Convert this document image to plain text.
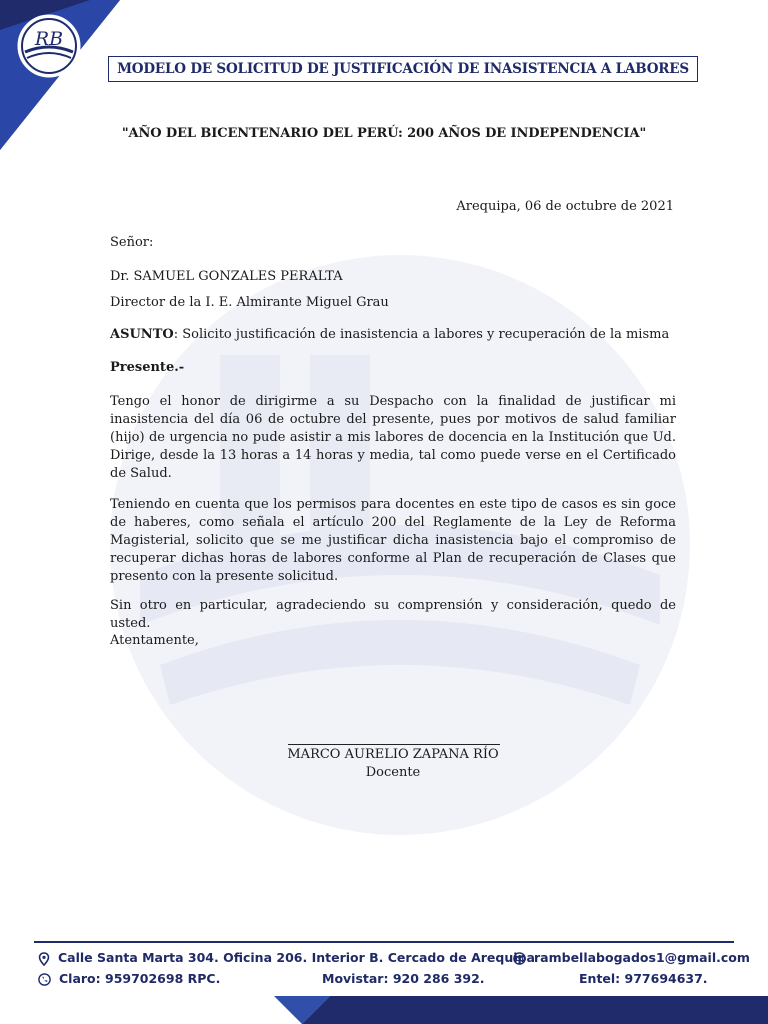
RB
MODELO DE SOLICITUD DE JUSTIFICACIÓN DE INASISTENCIA A LABORES
"AÑO DEL BICENTENARIO DEL PERÚ: 200 AÑOS DE INDEPENDENCIA"
Arequipa, 06 de octubre de 2021
Señor:
Dr. SAMUEL GONZALES PERALTA
Director de la I. E. Almirante Miguel Grau
ASUNTO: Solicito justificación de inasistencia a labores y recuperación de la misma
Presente.-

Tengo el honor de dirigirme a su Despacho con la finalidad de justificar mi inasistencia del día 06 de octubre del presente, pues por motivos de salud familiar (hijo) de urgencia no pude asistir a mis labores de docencia en la Institución que Ud. Dirige, desde la 13 horas a 14 horas y media, tal como puede verse en el Certificado de Salud.

Teniendo en cuenta que los permisos para docentes en este tipo de casos es sin goce de haberes, como señala el artículo 200 del Reglamente de la Ley de Reforma Magisterial, solicito que se me justificar dicha inasistencia bajo el compromiso de recuperar dichas horas de labores conforme al Plan de recuperación de Clases que presento con la presente solicitud.

Sin otro en particular, agradeciendo su comprensión y consideración, quedo de usted.

Atentamente,
MARCO AURELIO ZAPANA RÍO
Docente
Calle Santa Marta 304. Oficina 206. Interior B. Cercado de Arequipa rambellabogados1@gmail.com
Claro: 959702698 RPC.	Movistar: 920 286 392.	Entel: 977694637.
